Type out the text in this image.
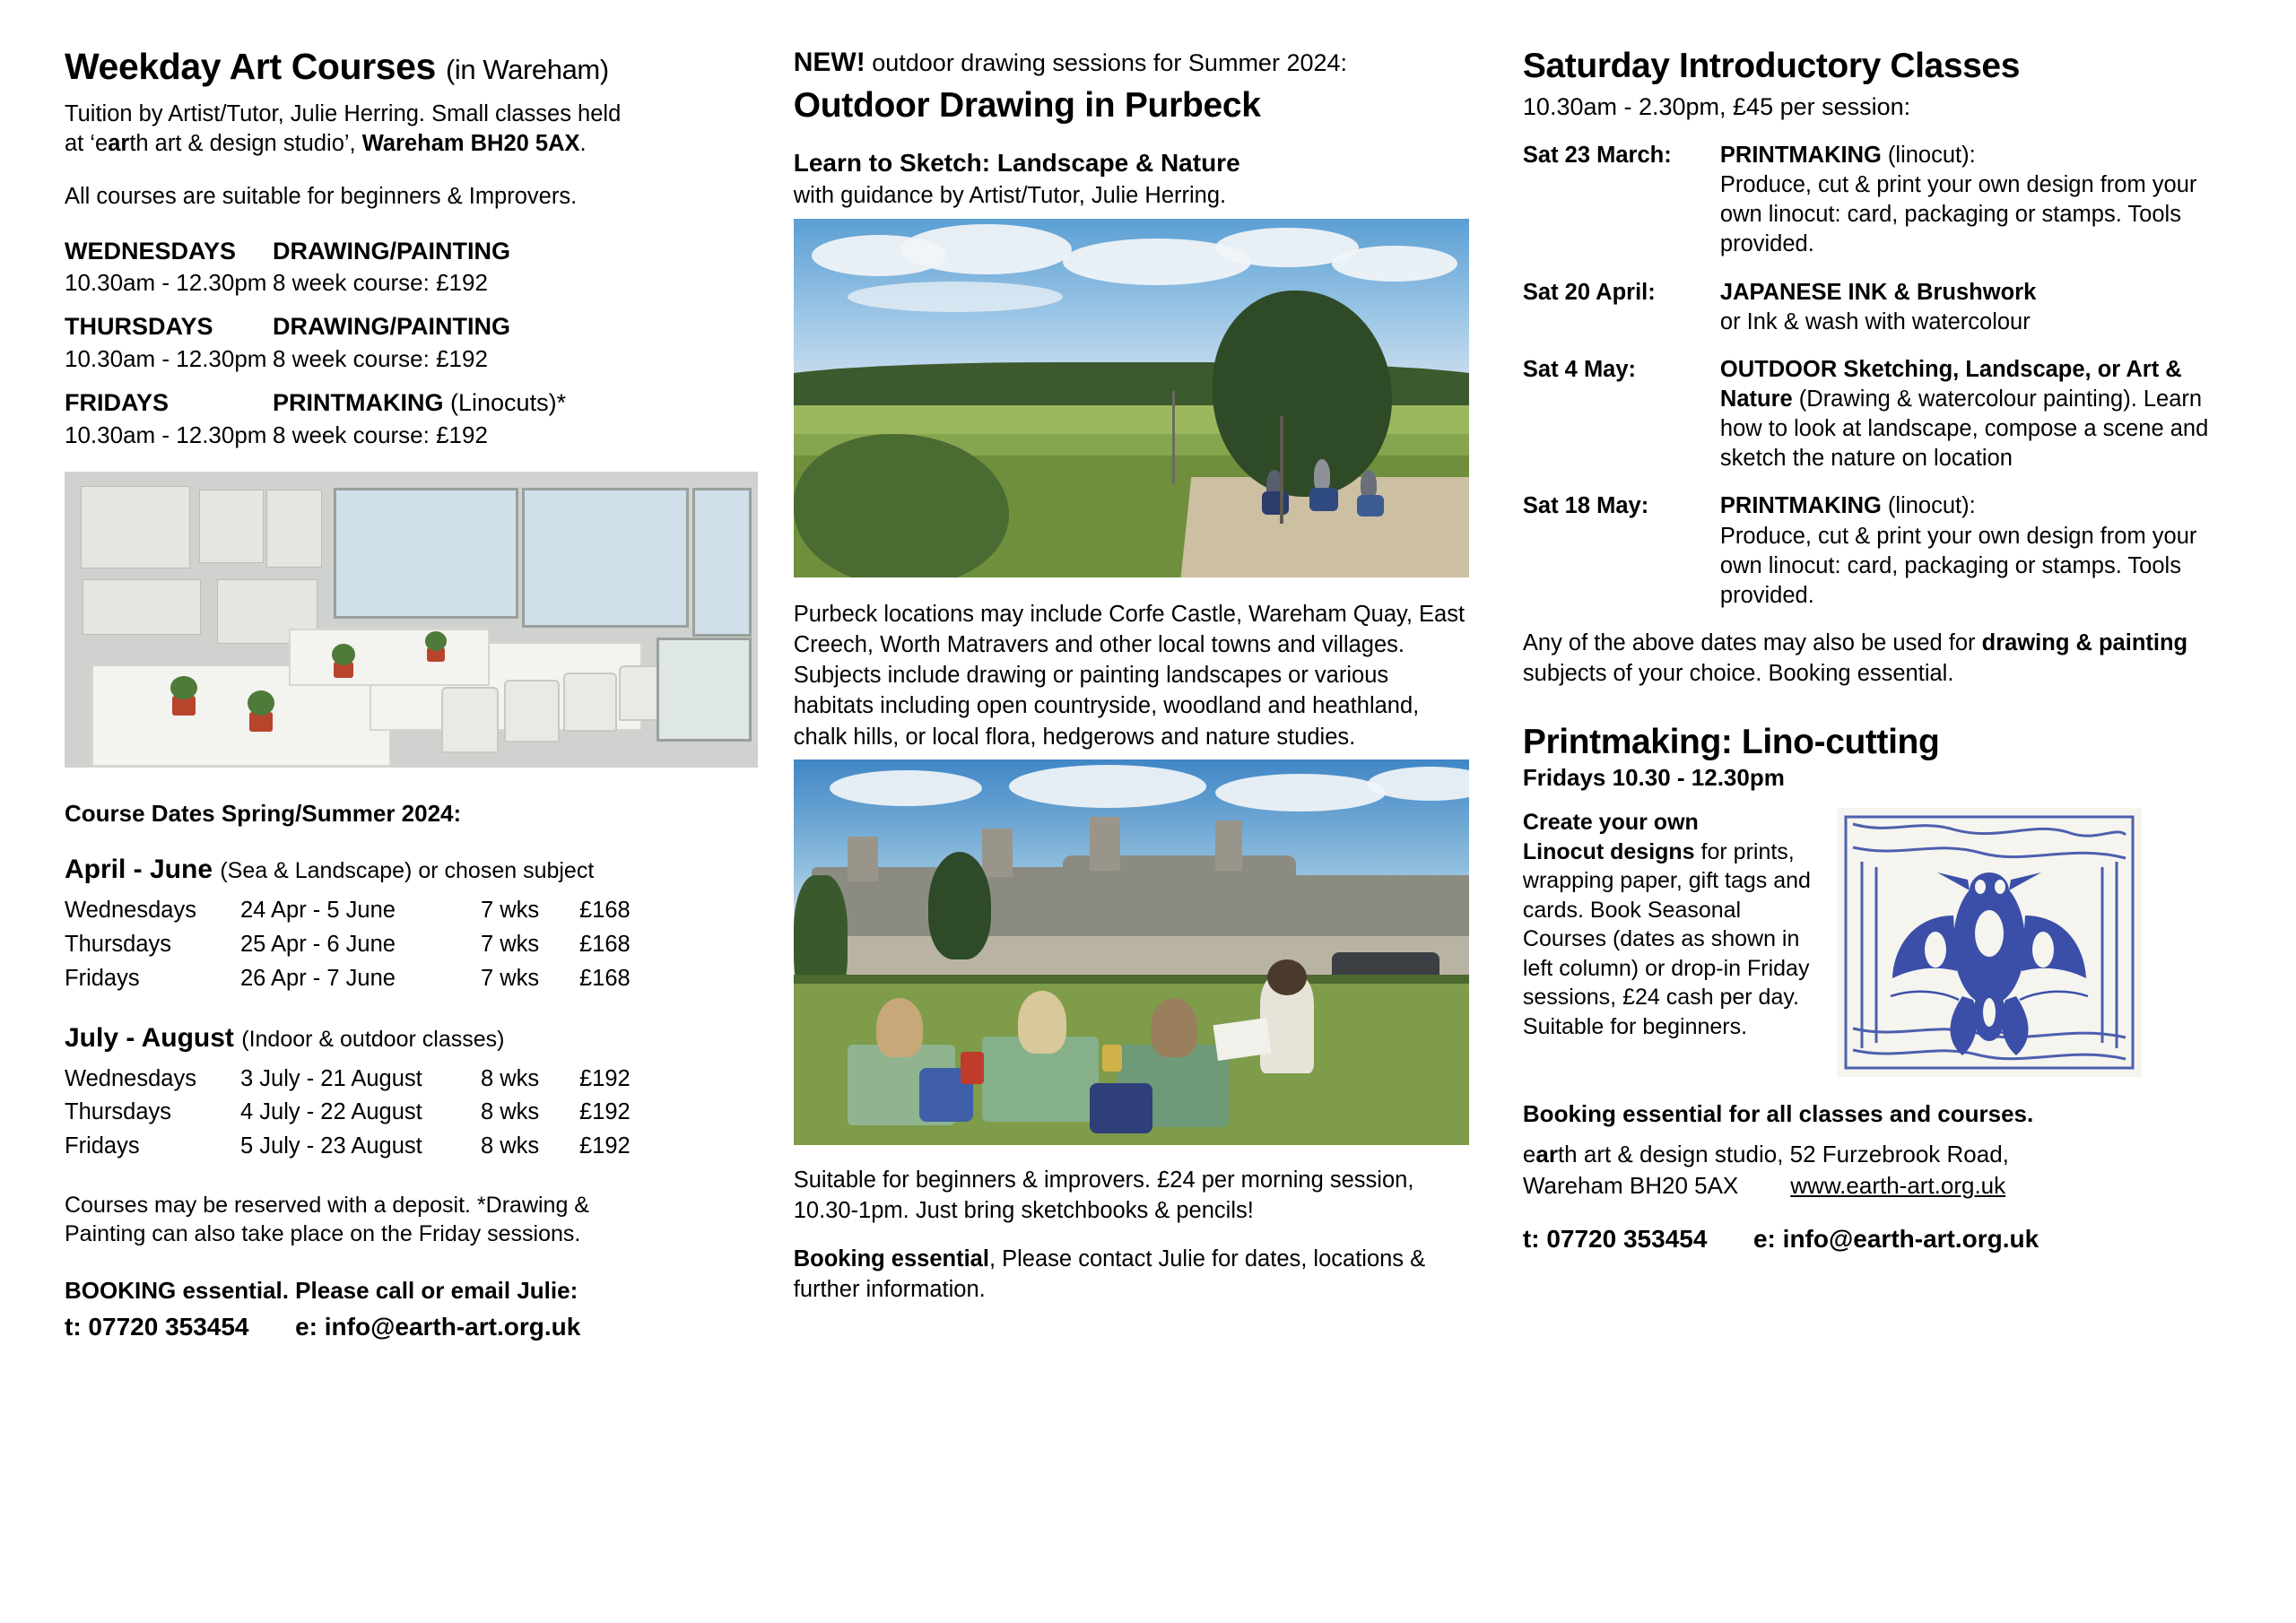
Weekday Art Courses (in Wareham)
Tuition by Artist/Tutor, Julie Herring. Small classes held
at ‘earth art & design studio’, Wareham BH20 5AX.
All courses are suitable for beginners & Improvers.
WEDNESDAYS	DRAWING/PAINTING
10.30am - 12.30pm 8 week course: £192
THURSDAYS	DRAWING/PAINTING
10.30am - 12.30pm 8 week course: £192
FRIDAYS	PRINTMAKING (Linocuts)*
10.30am - 12.30pm 8 week course: £192
Course Dates Spring/Summer 2024:
April - June (Sea & Landscape) or chosen subject
Wednesdays	24 Apr - 5 June	7 wks	£168
Thursdays	25 Apr - 6 June	7 wks	£168
Fridays	26 Apr - 7 June	7 wks	£168
July - August (Indoor & outdoor classes)
Wednesdays	3 July - 21 August	8 wks	£192
Thursdays	4 July - 22 August	8 wks	£192
Fridays	5 July - 23 August	8 wks	£192
Courses may be reserved with a deposit. *Drawing &
Painting can also take place on the Friday sessions.
BOOKING essential. Please call or email Julie:
t: 07720 353454 e: info@earth-art.org.uk
NEW! outdoor drawing sessions for Summer 2024:
Outdoor Drawing in Purbeck
Learn to Sketch: Landscape & Nature
with guidance by Artist/Tutor, Julie Herring.
Purbeck locations may include Corfe Castle, Wareham Quay, East Creech, Worth Matravers and other local towns and villages. Subjects include drawing or painting landscapes or various habitats including open countryside, woodland and heathland, chalk hills, or local flora, hedgerows and nature studies.
Suitable for beginners & improvers. £24 per morning session, 10.30-1pm. Just bring sketchbooks & pencils!
Booking essential, Please contact Julie for dates, locations & further information.
Saturday Introductory Classes
10.30am - 2.30pm, £45 per session:
Sat 23 March:	PRINTMAKING (linocut):
Produce, cut & print your own design from your own linocut: card, packaging or stamps. Tools provided.
Sat 20 April:	JAPANESE INK & Brushwork
or Ink & wash with watercolour
Sat 4 May:	OUTDOOR Sketching, Landscape, or Art & Nature (Drawing & watercolour painting). Learn how to look at landscape, compose a scene and sketch the nature on location
Sat 18 May:	PRINTMAKING (linocut):
Produce, cut & print your own design from your own linocut: card, packaging or stamps. Tools provided.
Any of the above dates may also be used for drawing & painting subjects of your choice. Booking essential.
Printmaking: Lino-cutting
Fridays 10.30 - 12.30pm
Create your own
Linocut designs for prints, wrapping paper, gift tags and cards. Book Seasonal Courses (dates as shown in left column) or drop-in Friday sessions, £24 cash per day. Suitable for beginners.
Booking essential for all classes and courses.
earth art & design studio, 52 Furzebrook Road,
Wareham BH20 5AX www.earth-art.org.uk
t: 07720 353454 e: info@earth-art.org.uk
